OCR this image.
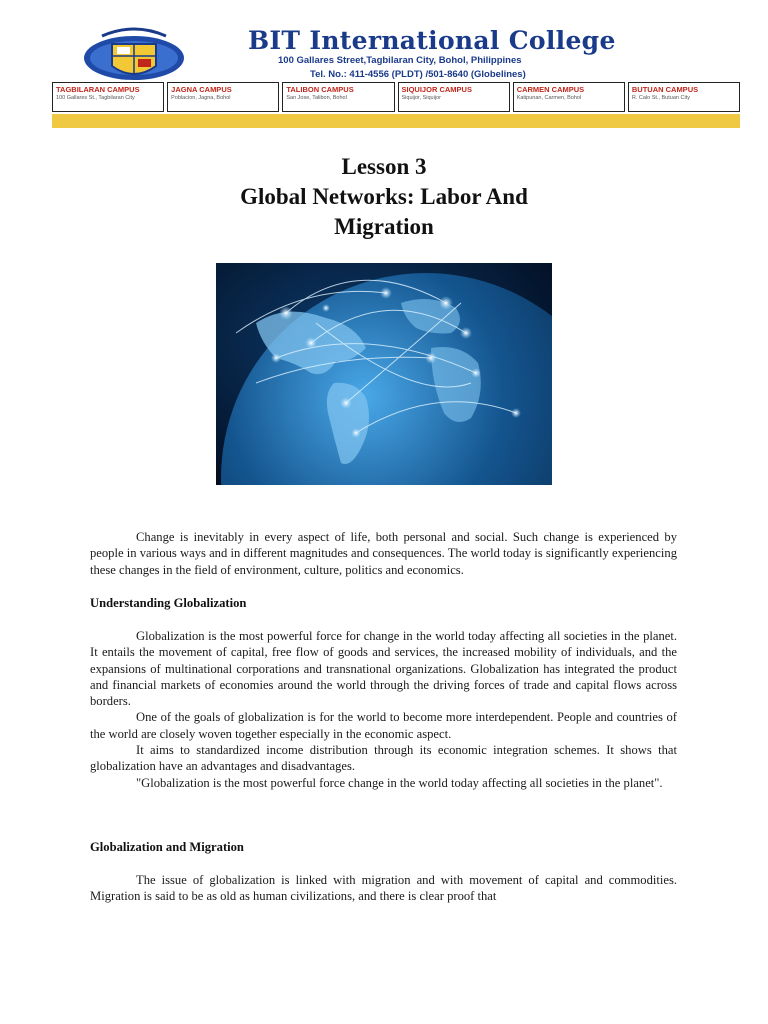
BIT International College
100 Gallares Street,Tagbilaran City, Bohol, Philippines
Tel. No.: 411-4556 (PLDT) /501-8640 (Globelines)
TAGBILARAN CAMPUS
100 Gallares St., Tagbilaran City
JAGNA CAMPUS
Poblacion, Jagna, Bohol
TALIBON CAMPUS
San Jose, Talibon, Bohol
SIQUIJOR CAMPUS
Siquijor, Siquijor
CARMEN CAMPUS
Katipunan, Carmen, Bohol
BUTUAN CAMPUS
R. Calo St., Butuan City
Lesson 3
Global Networks: Labor And
Migration

Change is inevitably in every aspect of life, both personal and social. Such change is experienced by people in various ways and in different magnitudes and consequences. The world today is significantly experiencing these changes in the field of environment, culture, politics and economics.

Understanding Globalization

Globalization is the most powerful force for change in the world today affecting all societies in the planet. It entails the movement of capital, free flow of goods and services, the increased mobility of individuals, and the expansions of multinational corporations and transnational organizations. Globalization has integrated the product and financial markets of economies around the world through the driving forces of trade and capital flows across borders.

One of the goals of globalization is for the world to become more interdependent. People and countries of the world are closely woven together especially in the economic aspect.

It aims to standardized income distribution through its economic integration schemes. It shows that globalization have an advantages and disadvantages.

"Globalization is the most powerful force change in the world today affecting all societies in the planet".

Globalization and Migration

The issue of globalization is linked with migration and with movement of capital and commodities. Migration is said to be as old as human civilizations, and there is clear proof that
